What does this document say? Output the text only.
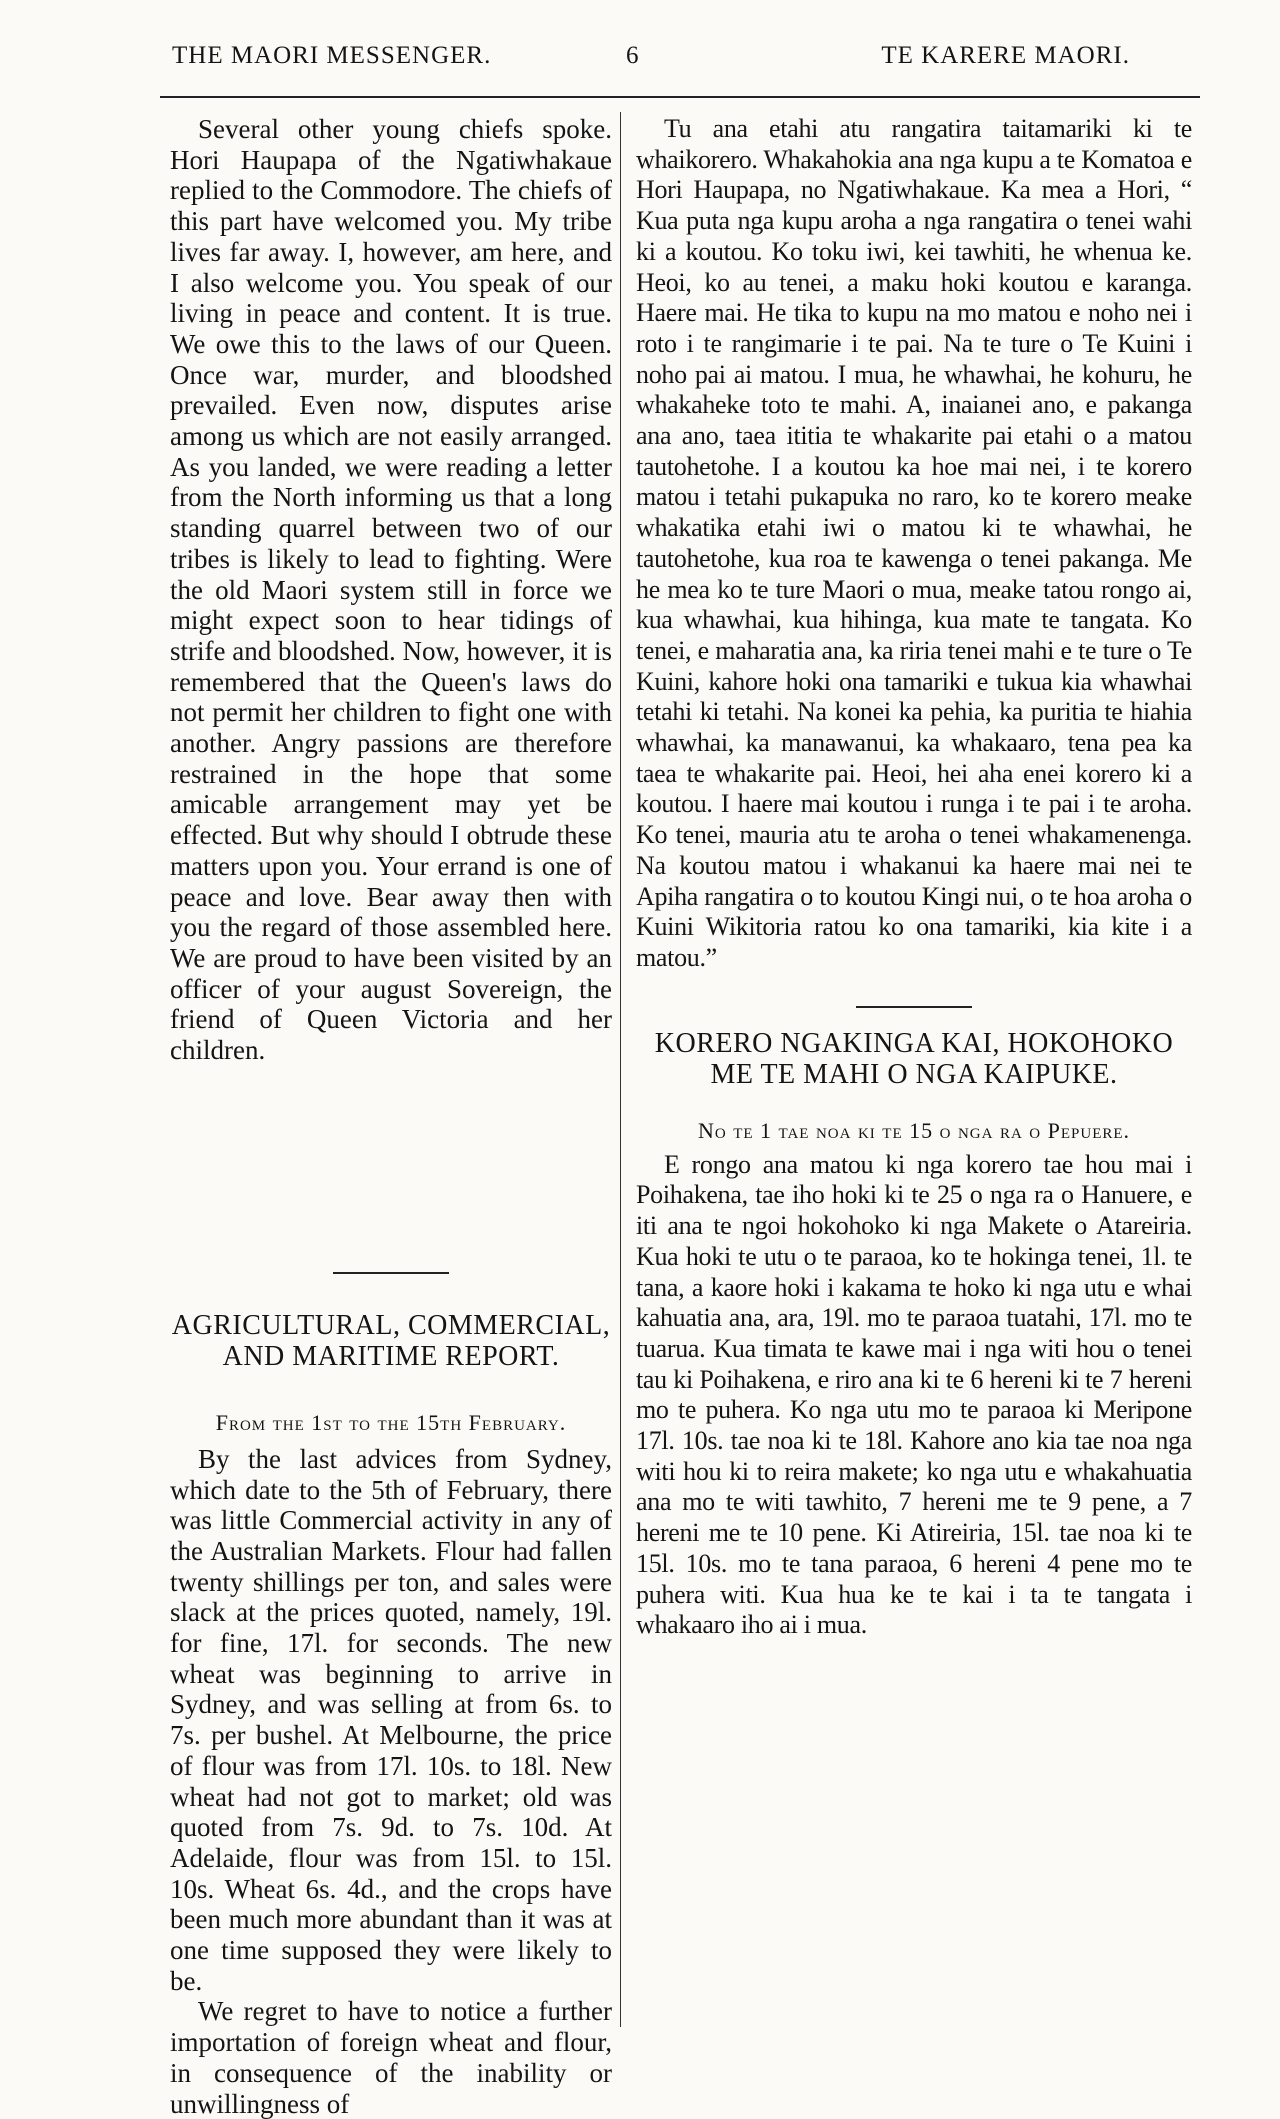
THE MAORI MESSENGER.	6	TE KARERE MAORI.

Several other young chiefs spoke. Hori Haupapa of the Ngatiwhakaue replied to the Commodore. The chiefs of this part have welcomed you. My tribe lives far away. I, however, am here, and I also welcome you. You speak of our living in peace and content. It is true. We owe this to the laws of our Queen. Once war, murder, and bloodshed prevailed. Even now, disputes arise among us which are not easily arranged. As you landed, we were reading a letter from the North informing us that a long standing quarrel between two of our tribes is likely to lead to fighting. Were the old Maori system still in force we might expect soon to hear tidings of strife and bloodshed. Now, however, it is remembered that the Queen's laws do not permit her children to fight one with another. Angry passions are therefore restrained in the hope that some amicable arrangement may yet be effected. But why should I obtrude these matters upon you. Your errand is one of peace and love. Bear away then with you the regard of those assembled here. We are proud to have been visited by an officer of your august Sovereign, the friend of Queen Victoria and her children.

AGRICULTURAL, COMMERCIAL, AND MARITIME REPORT.
From the 1st to the 15th February.

By the last advices from Sydney, which date to the 5th of February, there was little Commercial activity in any of the Australian Markets. Flour had fallen twenty shillings per ton, and sales were slack at the prices quoted, namely, 19l. for fine, 17l. for seconds. The new wheat was beginning to arrive in Sydney, and was selling at from 6s. to 7s. per bushel. At Melbourne, the price of flour was from 17l. 10s. to 18l. New wheat had not got to market; old was quoted from 7s. 9d. to 7s. 10d. At Adelaide, flour was from 15l. to 15l. 10s. Wheat 6s. 4d., and the crops have been much more abundant than it was at one time supposed they were likely to be.

We regret to have to notice a further importation of foreign wheat and flour, in consequence of the inability or unwillingness of

Tu ana etahi atu rangatira taitamariki ki te whaikorero. Whakahokia ana nga kupu a te Komatoa e Hori Haupapa, no Ngatiwhakaue. Ka mea a Hori, “ Kua puta nga kupu aroha a nga rangatira o tenei wahi ki a koutou. Ko toku iwi, kei tawhiti, he whenua ke. Heoi, ko au tenei, a maku hoki koutou e karanga. Haere mai. He tika to kupu na mo matou e noho nei i roto i te rangimarie i te pai. Na te ture o Te Kuini i noho pai ai matou. I mua, he whawhai, he kohuru, he whakaheke toto te mahi. A, inaianei ano, e pakanga ana ano, taea ititia te whakarite pai etahi o a matou tautohetohe. I a koutou ka hoe mai nei, i te korero matou i tetahi pukapuka no raro, ko te korero meake whakatika etahi iwi o matou ki te whawhai, he tautohetohe, kua roa te kawenga o tenei pakanga. Me he mea ko te ture Maori o mua, meake tatou rongo ai, kua whawhai, kua hihinga, kua mate te tangata. Ko tenei, e maharatia ana, ka riria tenei mahi e te ture o Te Kuini, kahore hoki ona tamariki e tukua kia whawhai tetahi ki tetahi. Na konei ka pehia, ka puritia te hiahia whawhai, ka manawanui, ka whakaaro, tena pea ka taea te whakarite pai. Heoi, hei aha enei korero ki a koutou. I haere mai koutou i runga i te pai i te aroha. Ko tenei, mauria atu te aroha o tenei whakamenenga. Na koutou matou i whakanui ka haere mai nei te Apiha rangatira o to koutou Kingi nui, o te hoa aroha o Kuini Wikitoria ratou ko ona tamariki, kia kite i a matou.”

KORERO NGAKINGA KAI, HOKOHOKO ME TE MAHI O NGA KAIPUKE.
No te 1 tae noa ki te 15 o nga ra o Pepuere.

E rongo ana matou ki nga korero tae hou mai i Poihakena, tae iho hoki ki te 25 o nga ra o Hanuere, e iti ana te ngoi hokohoko ki nga Makete o Atareiria. Kua hoki te utu o te paraoa, ko te hokinga tenei, 1l. te tana, a kaore hoki i kakama te hoko ki nga utu e whai kahuatia ana, ara, 19l. mo te paraoa tuatahi, 17l. mo te tuarua. Kua timata te kawe mai i nga witi hou o tenei tau ki Poihakena, e riro ana ki te 6 hereni ki te 7 hereni mo te puhera. Ko nga utu mo te paraoa ki Meripone 17l. 10s. tae noa ki te 18l. Kahore ano kia tae noa nga witi hou ki to reira makete; ko nga utu e whakahuatia ana mo te witi tawhito, 7 hereni me te 9 pene, a 7 hereni me te 10 pene. Ki Atireiria, 15l. tae noa ki te 15l. 10s. mo te tana paraoa, 6 hereni 4 pene mo te puhera witi. Kua hua ke te kai i ta te tangata i whakaaro iho ai i mua.
